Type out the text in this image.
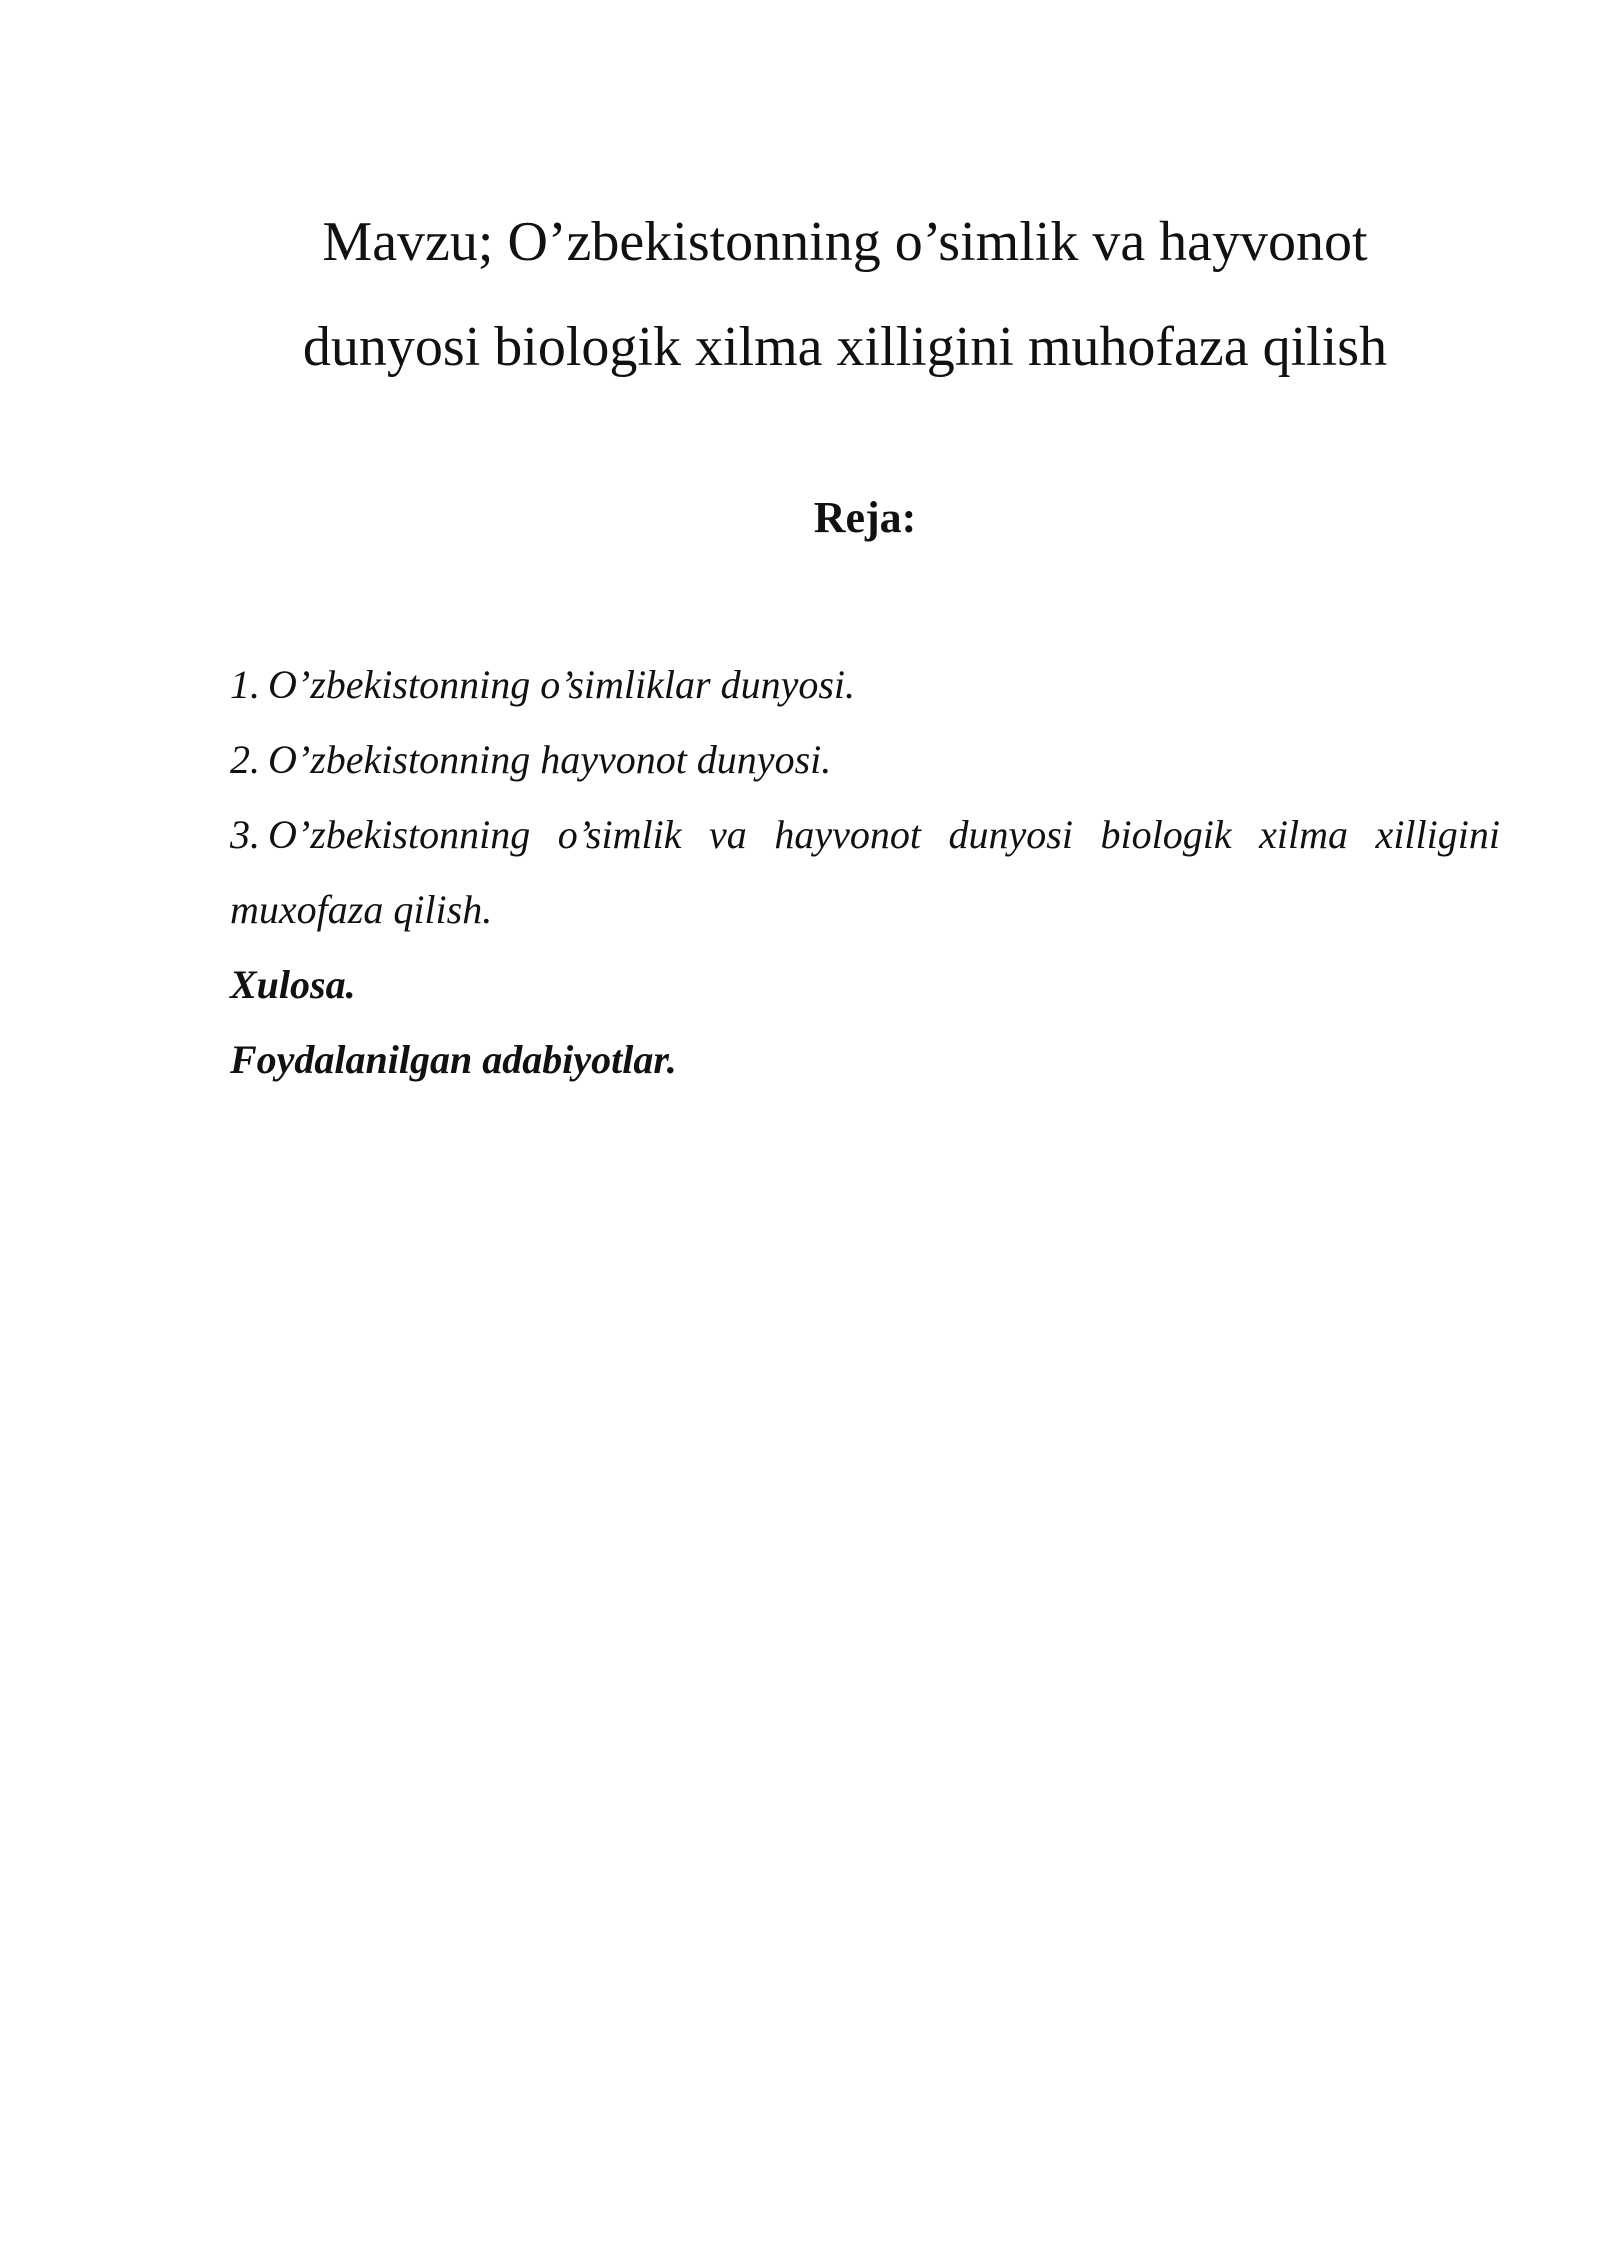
Mavzu; O’zbekistonning o’simlik va hayvonot
dunyosi biologik xilma xilligini muhofaza qilish
Reja:
1. O’zbekistonning o’simliklar dunyosi.
2. O’zbekistonning hayvonot dunyosi.
3. O’zbekistonning o’simlik va hayvonot dunyosi biologik xilma xilligini
muxofaza qilish.
Xulosa.
Foydalanilgan adabiyotlar.
